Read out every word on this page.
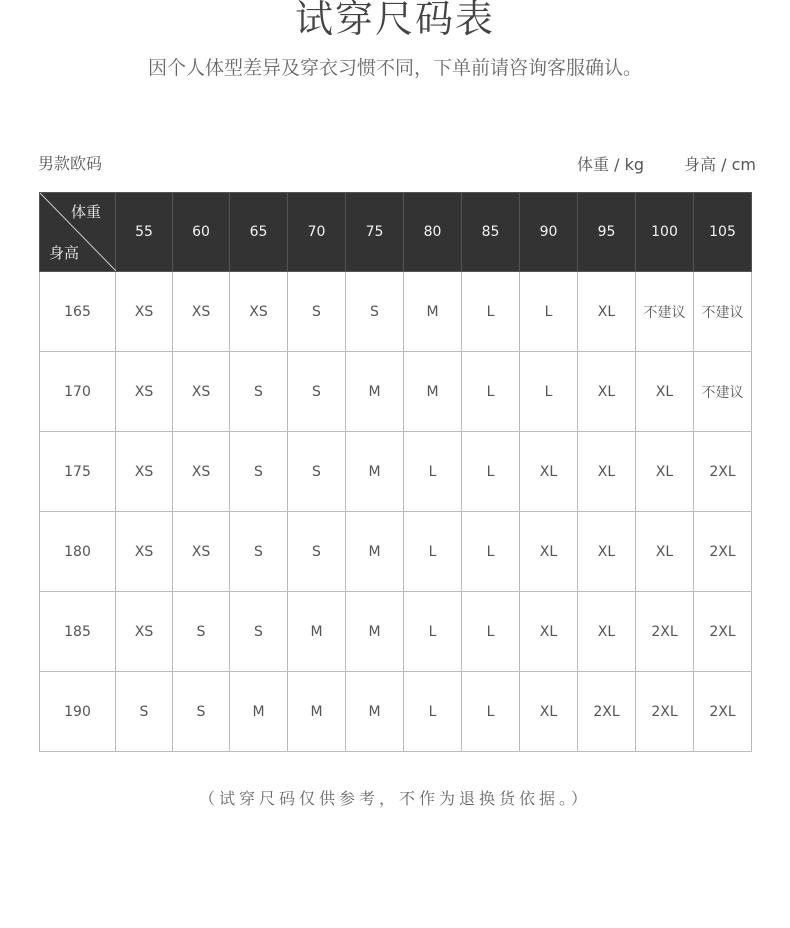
试穿尺码表
因个人体型差异及穿衣习惯不同，下单前请咨询客服确认。
男款欧码	体重 / kg	身高 / cm
体重
身高	55	60	65	70	75	80	85	90	95	100	105
165	XS	XS	XS	S	S	M	L	L	XL	不建议	不建议
170	XS	XS	S	S	M	M	L	L	XL	XL	不建议
175	XS	XS	S	S	M	L	L	XL	XL	XL	2XL
180	XS	XS	S	S	M	L	L	XL	XL	XL	2XL
185	XS	S	S	M	M	L	L	XL	XL	2XL	2XL
190	S	S	M	M	M	L	L	XL	2XL	2XL	2XL
（试穿尺码仅供参考，不作为退换货依据。）
